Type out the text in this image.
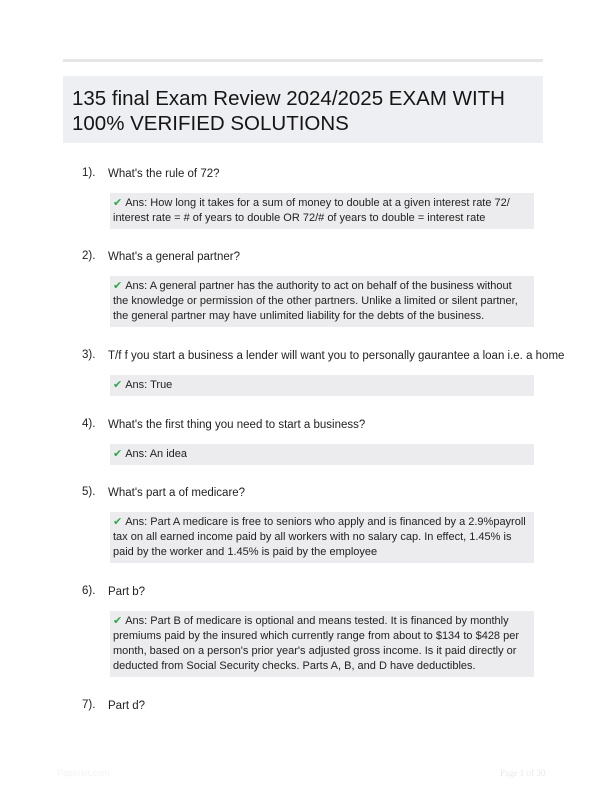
135 final Exam Review 2024/2025 EXAM WITH 100% VERIFIED SOLUTIONS
1). What's the rule of 72?
✔ Ans: How long it takes for a sum of money to double at a given interest rate 72/ interest rate = # of years to double OR 72/# of years to double = interest rate
2). What's a general partner?
✔ Ans: A general partner has the authority to act on behalf of the business without the knowledge or permission of the other partners. Unlike a limited or silent partner, the general partner may have unlimited liability for the debts of the business.
3). T/f f you start a business a lender will want you to personally gaurantee a loan i.e. a home
✔ Ans: True
4). What's the first thing you need to start a business?
✔ Ans: An idea
5). What's part a of medicare?
✔ Ans: Part A medicare is free to seniors who apply and is financed by a 2.9%payroll tax on all earned income paid by all workers with no salary cap. In effect, 1.45% is paid by the worker and 1.45% is paid by the employee
6). Part b?
✔ Ans: Part B of medicare is optional and means tested. It is financed by monthly premiums paid by the insured which currently range from about to $134 to $428 per month, based on a person's prior year's adjusted gross income. Is it paid directly or deducted from Social Security checks. Parts A, B, and D have deductibles.
7). Part d?
Paperkit.com	Page 1 of 30
